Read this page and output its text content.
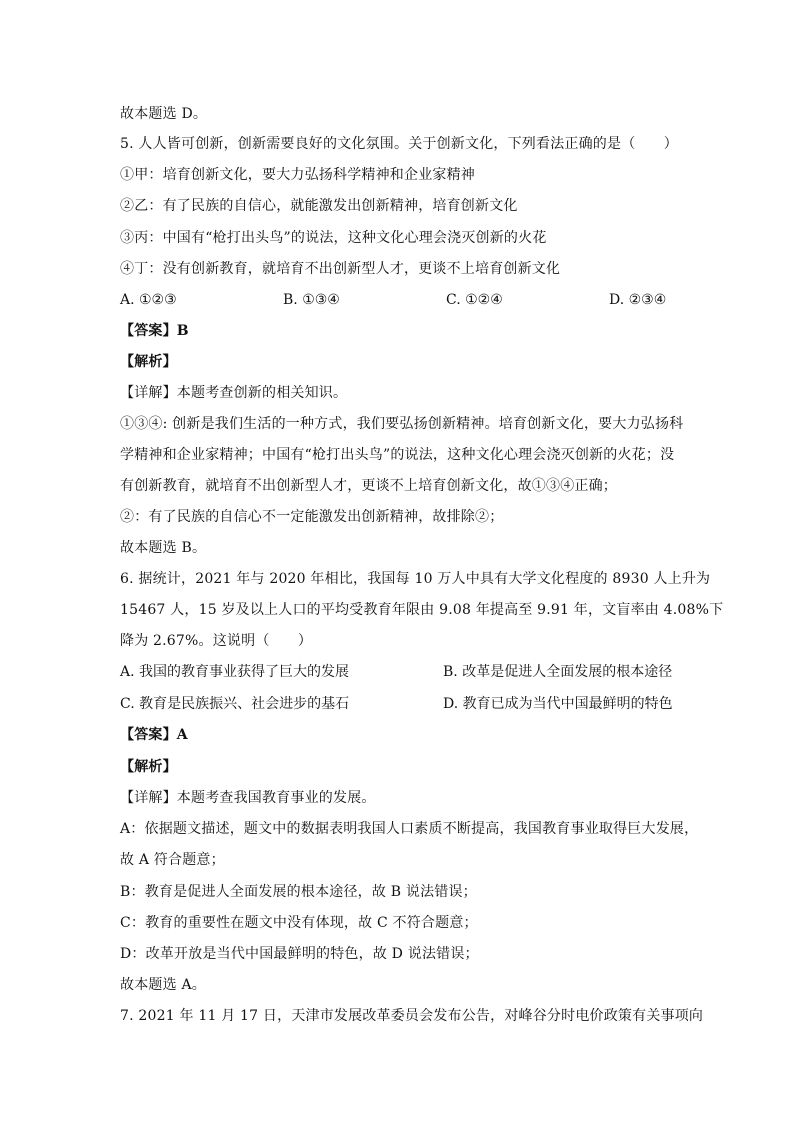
故本题选 D。
5. 人人皆可创新，创新需要良好的文化氛围。关于创新文化，下列看法正确的是（　　）
①甲：培育创新文化，要大力弘扬科学精神和企业家精神
②乙：有了民族的自信心，就能激发出创新精神，培育创新文化
③丙：中国有“枪打出头鸟”的说法，这种文化心理会浇灭创新的火花
④丁：没有创新教育，就培育不出创新型人才，更谈不上培育创新文化
A. ①②③	B. ①③④	C. ①②④	D. ②③④
【答案】B
【解析】
【详解】本题考查创新的相关知识。
①③④: 创新是我们生活的一种方式，我们要弘扬创新精神。培育创新文化，要大力弘扬科
学精神和企业家精神；中国有“枪打出头鸟”的说法，这种文化心理会浇灭创新的火花；没
有创新教育，就培育不出创新型人才，更谈不上培育创新文化，故①③④正确；
②：有了民族的自信心不一定能激发出创新精神，故排除②；
故本题选 B。
6. 据统计，2021 年与 2020 年相比，我国每 10 万人中具有大学文化程度的 8930 人上升为
15467 人，15 岁及以上人口的平均受教育年限由 9.08 年提高至 9.91 年，文盲率由 4.08%下
降为 2.67%。这说明（　　）
A. 我国的教育事业获得了巨大的发展	B. 改革是促进人全面发展的根本途径
C. 教育是民族振兴、社会进步的基石	D. 教育已成为当代中国最鲜明的特色
【答案】A
【解析】
【详解】本题考查我国教育事业的发展。
A：依据题文描述，题文中的数据表明我国人口素质不断提高，我国教育事业取得巨大发展，
故 A 符合题意；
B：教育是促进人全面发展的根本途径，故 B 说法错误；
C：教育的重要性在题文中没有体现，故 C 不符合题意；
D：改革开放是当代中国最鲜明的特色，故 D 说法错误；
故本题选 A。
7. 2021 年 11 月 17 日，天津市发展改革委员会发布公告，对峰谷分时电价政策有关事项向
